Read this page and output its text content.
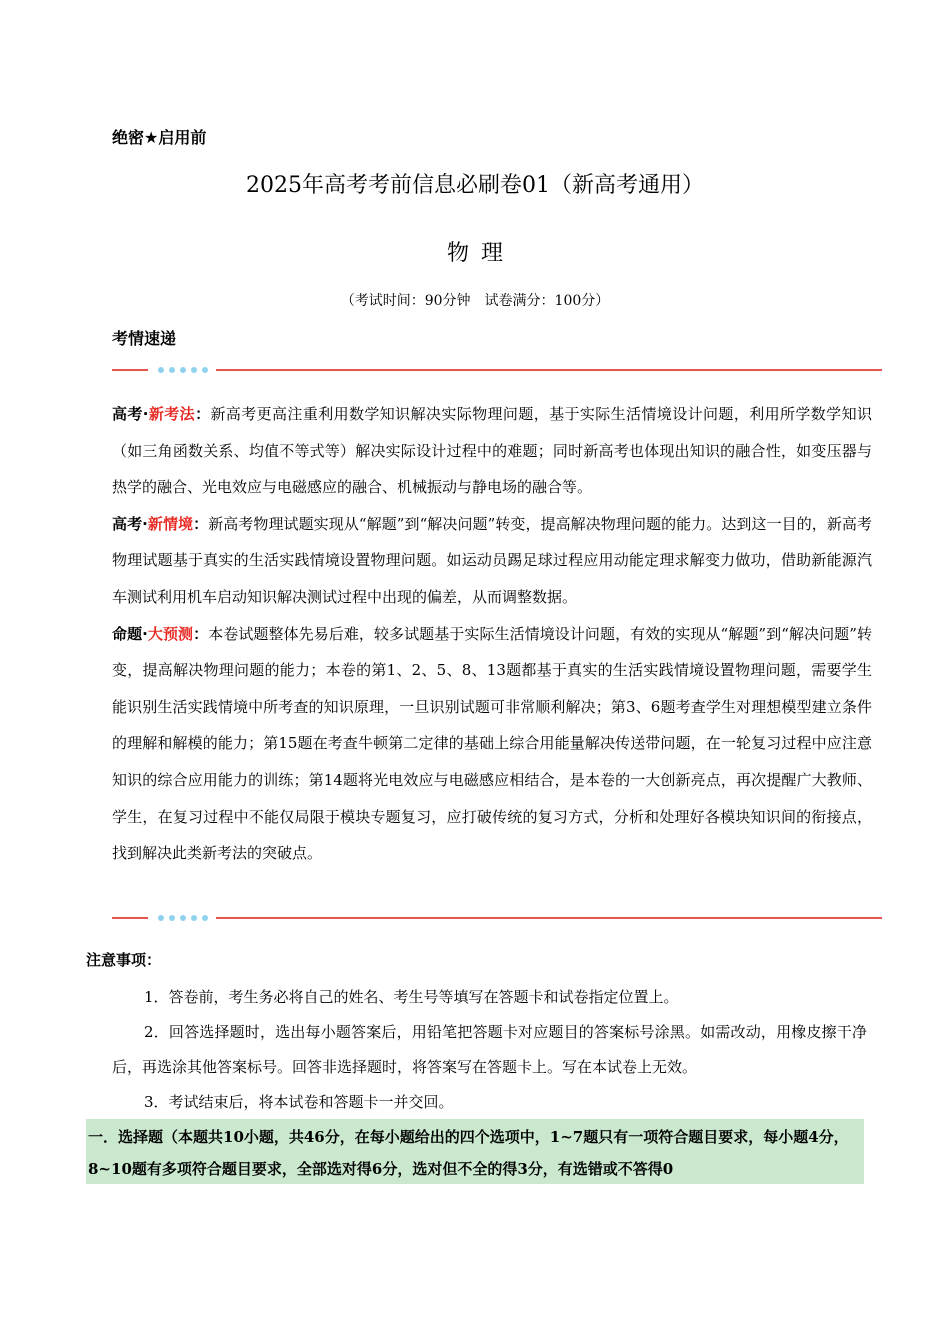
绝密★启用前
2025年高考考前信息必刷卷01（新高考通用）
物理
（考试时间：90分钟　试卷满分：100分）
考情速递

高考·新考法：新高考更高注重利用数学知识解决实际物理问题，基于实际生活情境设计问题，利用所学数学知识（如三角函数关系、均值不等式等）解决实际设计过程中的难题；同时新高考也体现出知识的融合性，如变压器与热学的融合、光电效应与电磁感应的融合、机械振动与静电场的融合等。

高考·新情境：新高考物理试题实现从“解题”到“解决问题”转变，提高解决物理问题的能力。达到这一目的，新高考物理试题基于真实的生活实践情境设置物理问题。如运动员踢足球过程应用动能定理求解变力做功，借助新能源汽车测试利用机车启动知识解决测试过程中出现的偏差，从而调整数据。

命题·大预测：本卷试题整体先易后难，较多试题基于实际生活情境设计问题，有效的实现从“解题”到“解决问题”转变，提高解决物理问题的能力；本卷的第1、2、5、8、13题都基于真实的生活实践情境设置物理问题，需要学生能识别生活实践情境中所考查的知识原理，一旦识别试题可非常顺利解决；第3、6题考查学生对理想模型建立条件的理解和解模的能力；第15题在考查牛顿第二定律的基础上综合用能量解决传送带问题，在一轮复习过程中应注意知识的综合应用能力的训练；第14题将光电效应与电磁感应相结合，是本卷的一大创新亮点，再次提醒广大教师、学生，在复习过程中不能仅局限于模块专题复习，应打破传统的复习方式，分析和处理好各模块知识间的衔接点，找到解决此类新考法的突破点。

注意事项：

1．答卷前，考生务必将自己的姓名、考生号等填写在答题卡和试卷指定位置上。

2．回答选择题时，选出每小题答案后，用铅笔把答题卡对应题目的答案标号涂黑。如需改动，用橡皮擦干净后，再选涂其他答案标号。回答非选择题时，将答案写在答题卡上。写在本试卷上无效。

3．考试结束后，将本试卷和答题卡一并交回。

一．选择题（本题共10小题，共46分，在每小题给出的四个选项中，1~7题只有一项符合题目要求，每小题4分，8~10题有多项符合题目要求，全部选对得6分，选对但不全的得3分，有选错或不答得0
